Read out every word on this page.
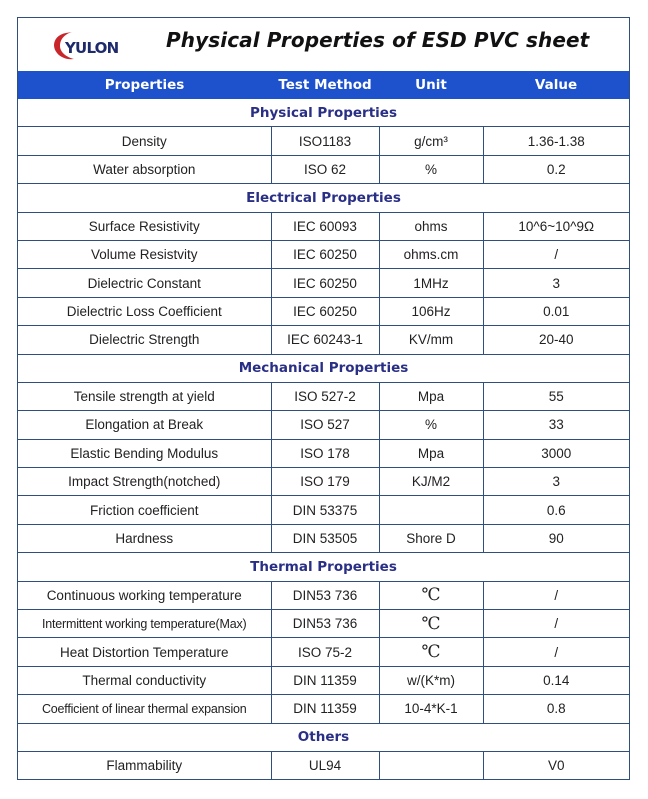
YULON Physical Properties of ESD PVC sheet
Properties	Test Method	Unit	Value
Physical Properties			
Density	ISO1183	g/cm³	1.36-1.38
Water absorption	ISO 62	%	0.2
Electrical Properties			
Surface Resistivity	IEC 60093	ohms	10^6~10^9Ω
Volume Resistvity	IEC 60250	ohms.cm	/
Dielectric Constant	IEC 60250	1MHz	3
Dielectric Loss Coefficient	IEC 60250	106Hz	0.01
Dielectric Strength	IEC 60243-1	KV/mm	20-40
Mechanical Properties			
Tensile strength at yield	ISO 527-2	Mpa	55
Elongation at Break	ISO 527	%	33
Elastic Bending Modulus	ISO 178	Mpa	3000
Impact Strength(notched)	ISO 179	KJ/M2	3
Friction coefficient	DIN 53375		0.6
Hardness	DIN 53505	Shore D	90
Thermal Properties			
Continuous working temperature	DIN53 736	℃	/
Intermittent working temperature(Max)	DIN53 736	℃	/
Heat Distortion Temperature	ISO 75-2	℃	/
Thermal conductivity	DIN 11359	w/(K*m)	0.14
Coefficient of linear thermal expansion	DIN 11359	10-4*K-1	0.8
Others			
Flammability	UL94		V0
